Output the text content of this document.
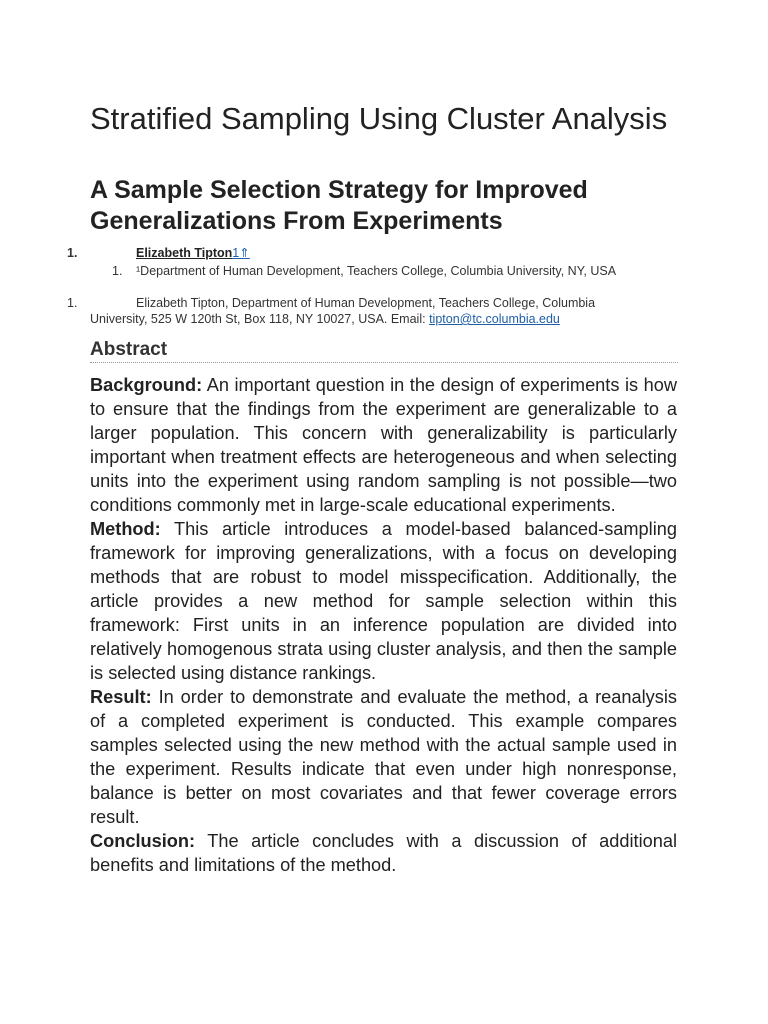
Stratified Sampling Using Cluster Analysis
A Sample Selection Strategy for Improved Generalizations From Experiments
1.	Elizabeth Tipton1⇑
1. ¹Department of Human Development, Teachers College, Columbia University, NY, USA
1.	Elizabeth Tipton, Department of Human Development, Teachers College, Columbia University, 525 W 120th St, Box 118, NY 10027, USA. Email: tipton@tc.columbia.edu
Abstract

Background: An important question in the design of experiments is how to ensure that the findings from the experiment are generalizable to a larger population. This concern with generalizability is particularly important when treatment effects are heterogeneous and when selecting units into the experiment using random sampling is not possible—two conditions commonly met in large-scale educational experiments.

Method: This article introduces a model-based balanced-sampling framework for improving generalizations, with a focus on developing methods that are robust to model misspecification. Additionally, the article provides a new method for sample selection within this framework: First units in an inference population are divided into relatively homogenous strata using cluster analysis, and then the sample is selected using distance rankings.

Result: In order to demonstrate and evaluate the method, a reanalysis of a completed experiment is conducted. This example compares samples selected using the new method with the actual sample used in the experiment. Results indicate that even under high nonresponse, balance is better on most covariates and that fewer coverage errors result.

Conclusion: The article concludes with a discussion of additional benefits and limitations of the method.
